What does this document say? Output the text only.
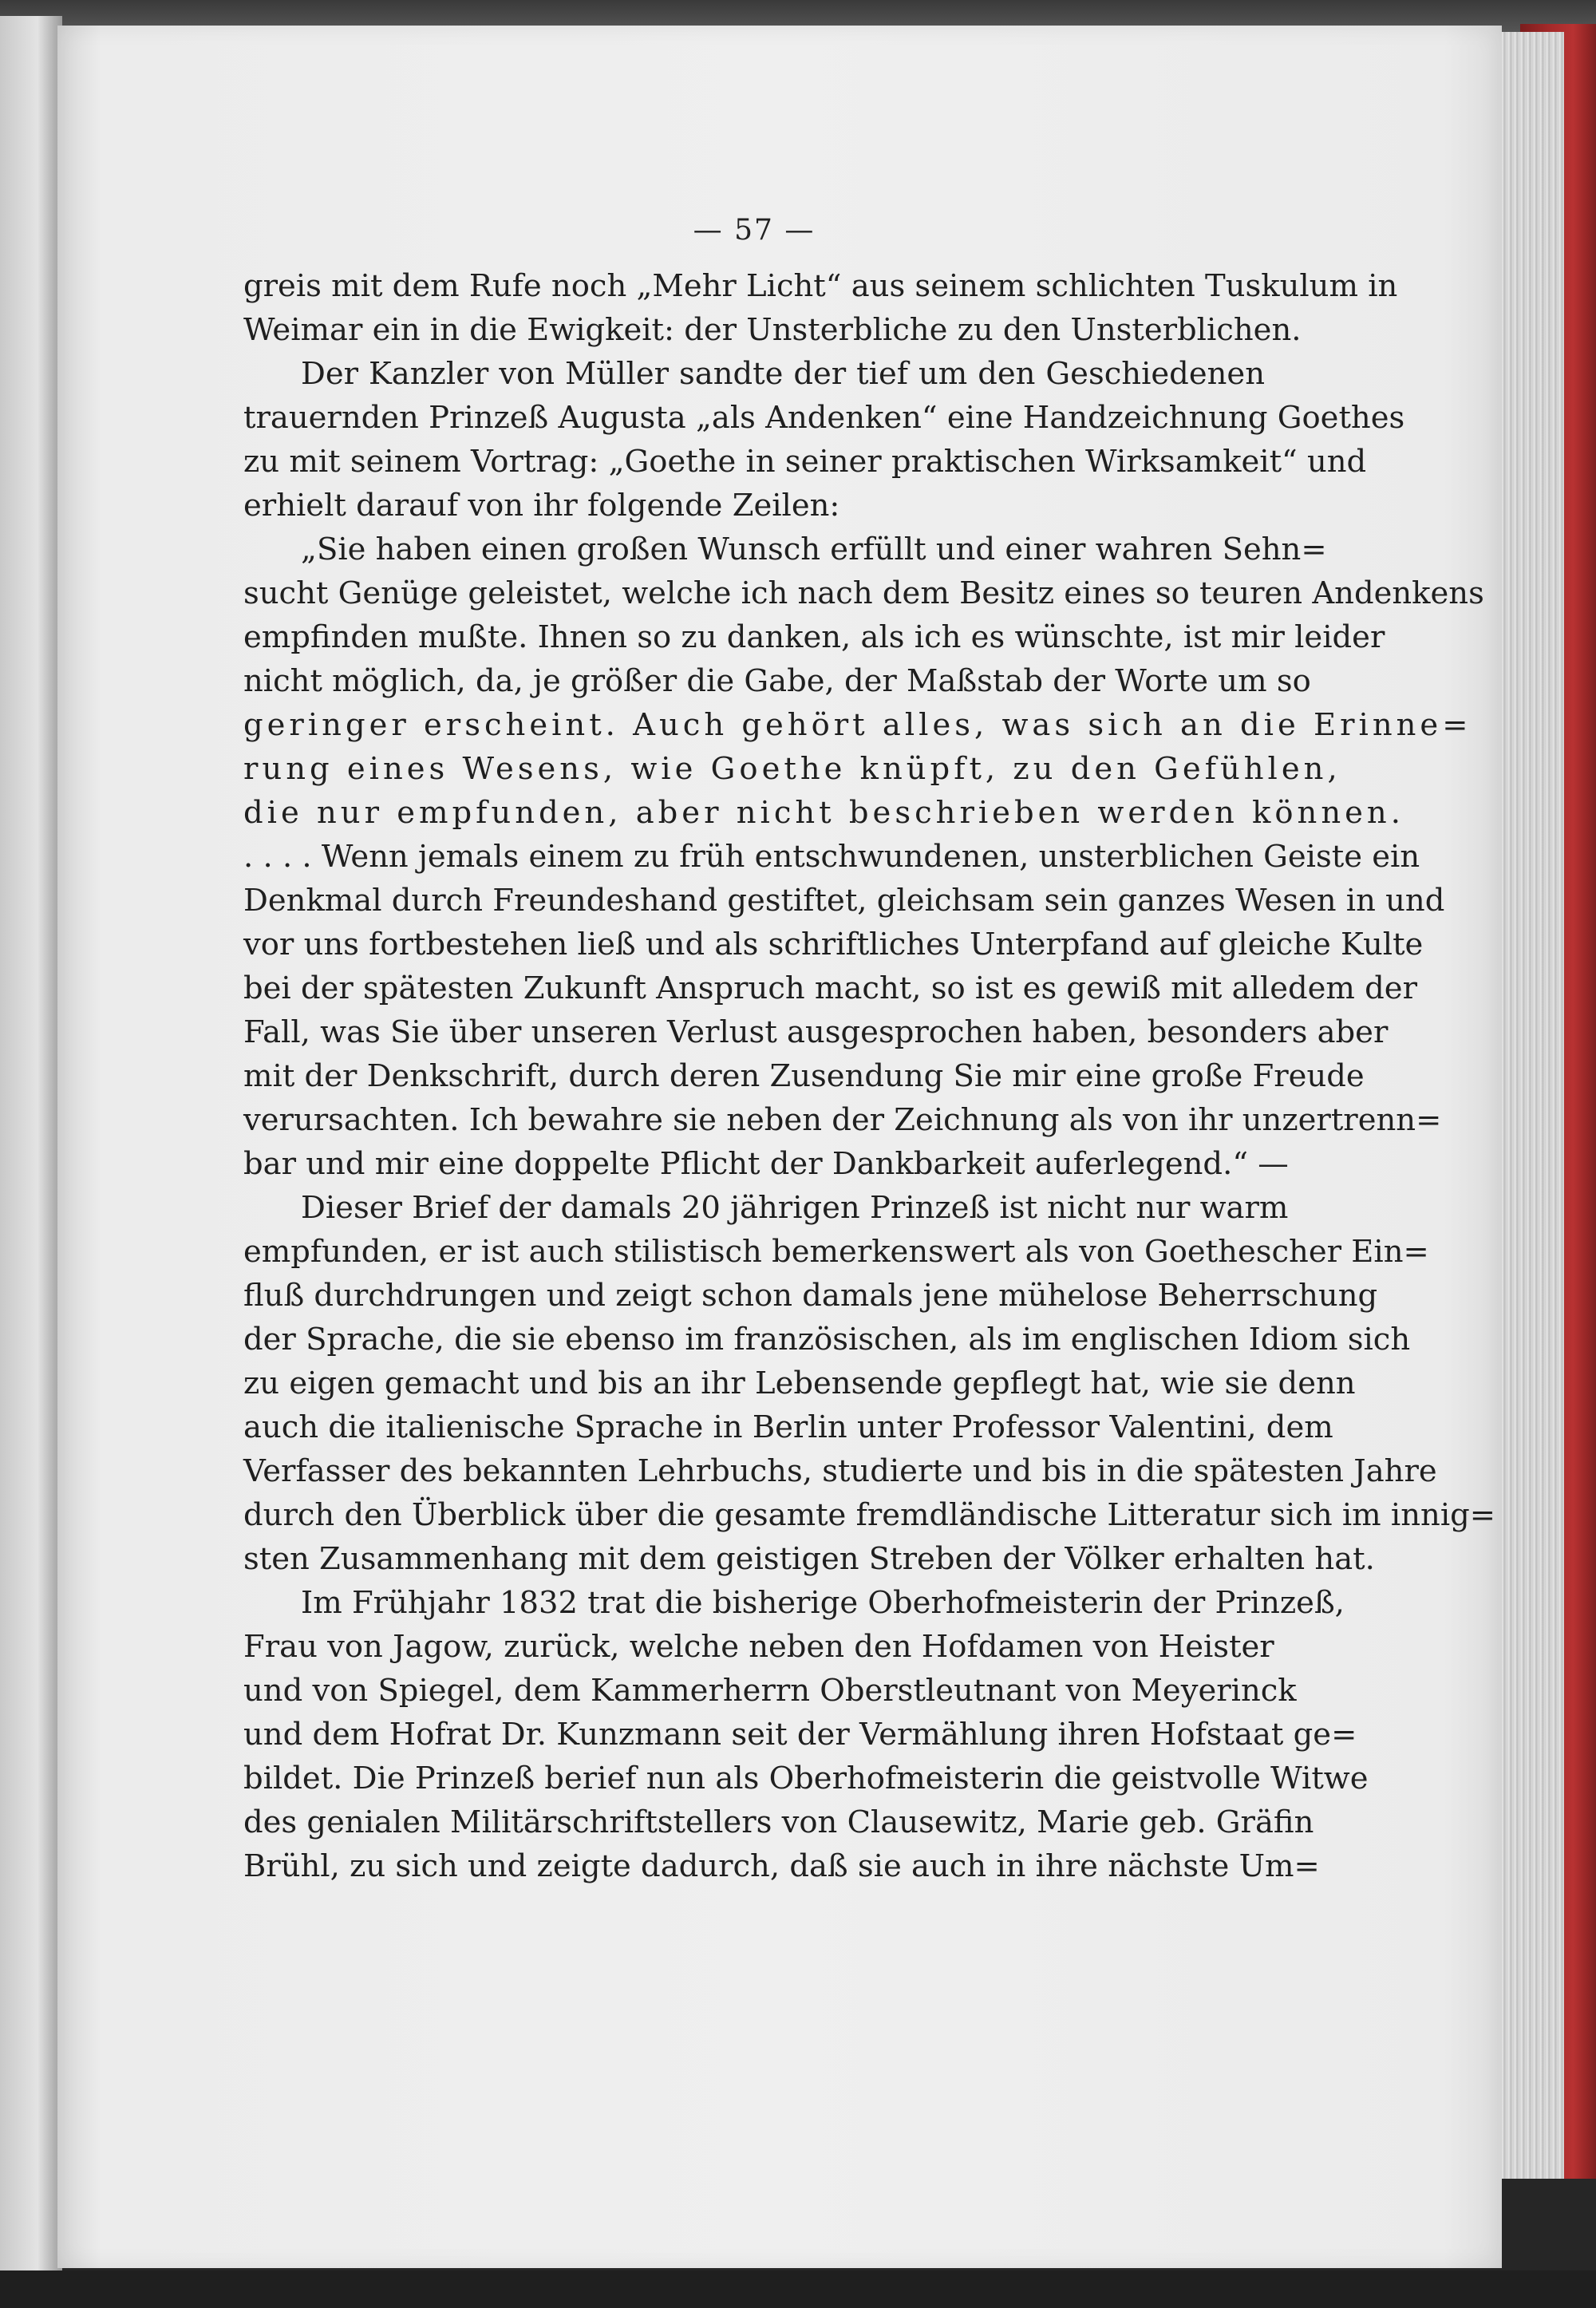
— 57 —
greis mit dem Rufe noch „Mehr Licht“ aus seinem schlichten Tuskulum in
Weimar ein in die Ewigkeit: der Unsterbliche zu den Unsterblichen.
Der Kanzler von Müller sandte der tief um den Geschiedenen
trauernden Prinzeß Augusta „als Andenken“ eine Handzeichnung Goethes
zu mit seinem Vortrag: „Goethe in seiner praktischen Wirksamkeit“ und
erhielt darauf von ihr folgende Zeilen:
„Sie haben einen großen Wunsch erfüllt und einer wahren Sehn=
sucht Genüge geleistet, welche ich nach dem Besitz eines so teuren Andenkens
empfinden mußte. Ihnen so zu danken, als ich es wünschte, ist mir leider
nicht möglich, da, je größer die Gabe, der Maßstab der Worte um so
geringer erscheint. Auch gehört alles, was sich an die Erinne=
rung eines Wesens, wie Goethe knüpft, zu den Gefühlen,
die nur empfunden, aber nicht beschrieben werden können.
. . . . Wenn jemals einem zu früh entschwundenen, unsterblichen Geiste ein
Denkmal durch Freundeshand gestiftet, gleichsam sein ganzes Wesen in und
vor uns fortbestehen ließ und als schriftliches Unterpfand auf gleiche Kulte
bei der spätesten Zukunft Anspruch macht, so ist es gewiß mit alledem der
Fall, was Sie über unseren Verlust ausgesprochen haben, besonders aber
mit der Denkschrift, durch deren Zusendung Sie mir eine große Freude
verursachten. Ich bewahre sie neben der Zeichnung als von ihr unzertrenn=
bar und mir eine doppelte Pflicht der Dankbarkeit auferlegend.“ —
Dieser Brief der damals 20 jährigen Prinzeß ist nicht nur warm
empfunden, er ist auch stilistisch bemerkenswert als von Goethescher Ein=
fluß durchdrungen und zeigt schon damals jene mühelose Beherrschung
der Sprache, die sie ebenso im französischen, als im englischen Idiom sich
zu eigen gemacht und bis an ihr Lebensende gepflegt hat, wie sie denn
auch die italienische Sprache in Berlin unter Professor Valentini, dem
Verfasser des bekannten Lehrbuchs, studierte und bis in die spätesten Jahre
durch den Überblick über die gesamte fremdländische Litteratur sich im innig=
sten Zusammenhang mit dem geistigen Streben der Völker erhalten hat.
Im Frühjahr 1832 trat die bisherige Oberhofmeisterin der Prinzeß,
Frau von Jagow, zurück, welche neben den Hofdamen von Heister
und von Spiegel, dem Kammerherrn Oberstleutnant von Meyerinck
und dem Hofrat Dr. Kunzmann seit der Vermählung ihren Hofstaat ge=
bildet. Die Prinzeß berief nun als Oberhofmeisterin die geistvolle Witwe
des genialen Militärschriftstellers von Clausewitz, Marie geb. Gräfin
Brühl, zu sich und zeigte dadurch, daß sie auch in ihre nächste Um=
